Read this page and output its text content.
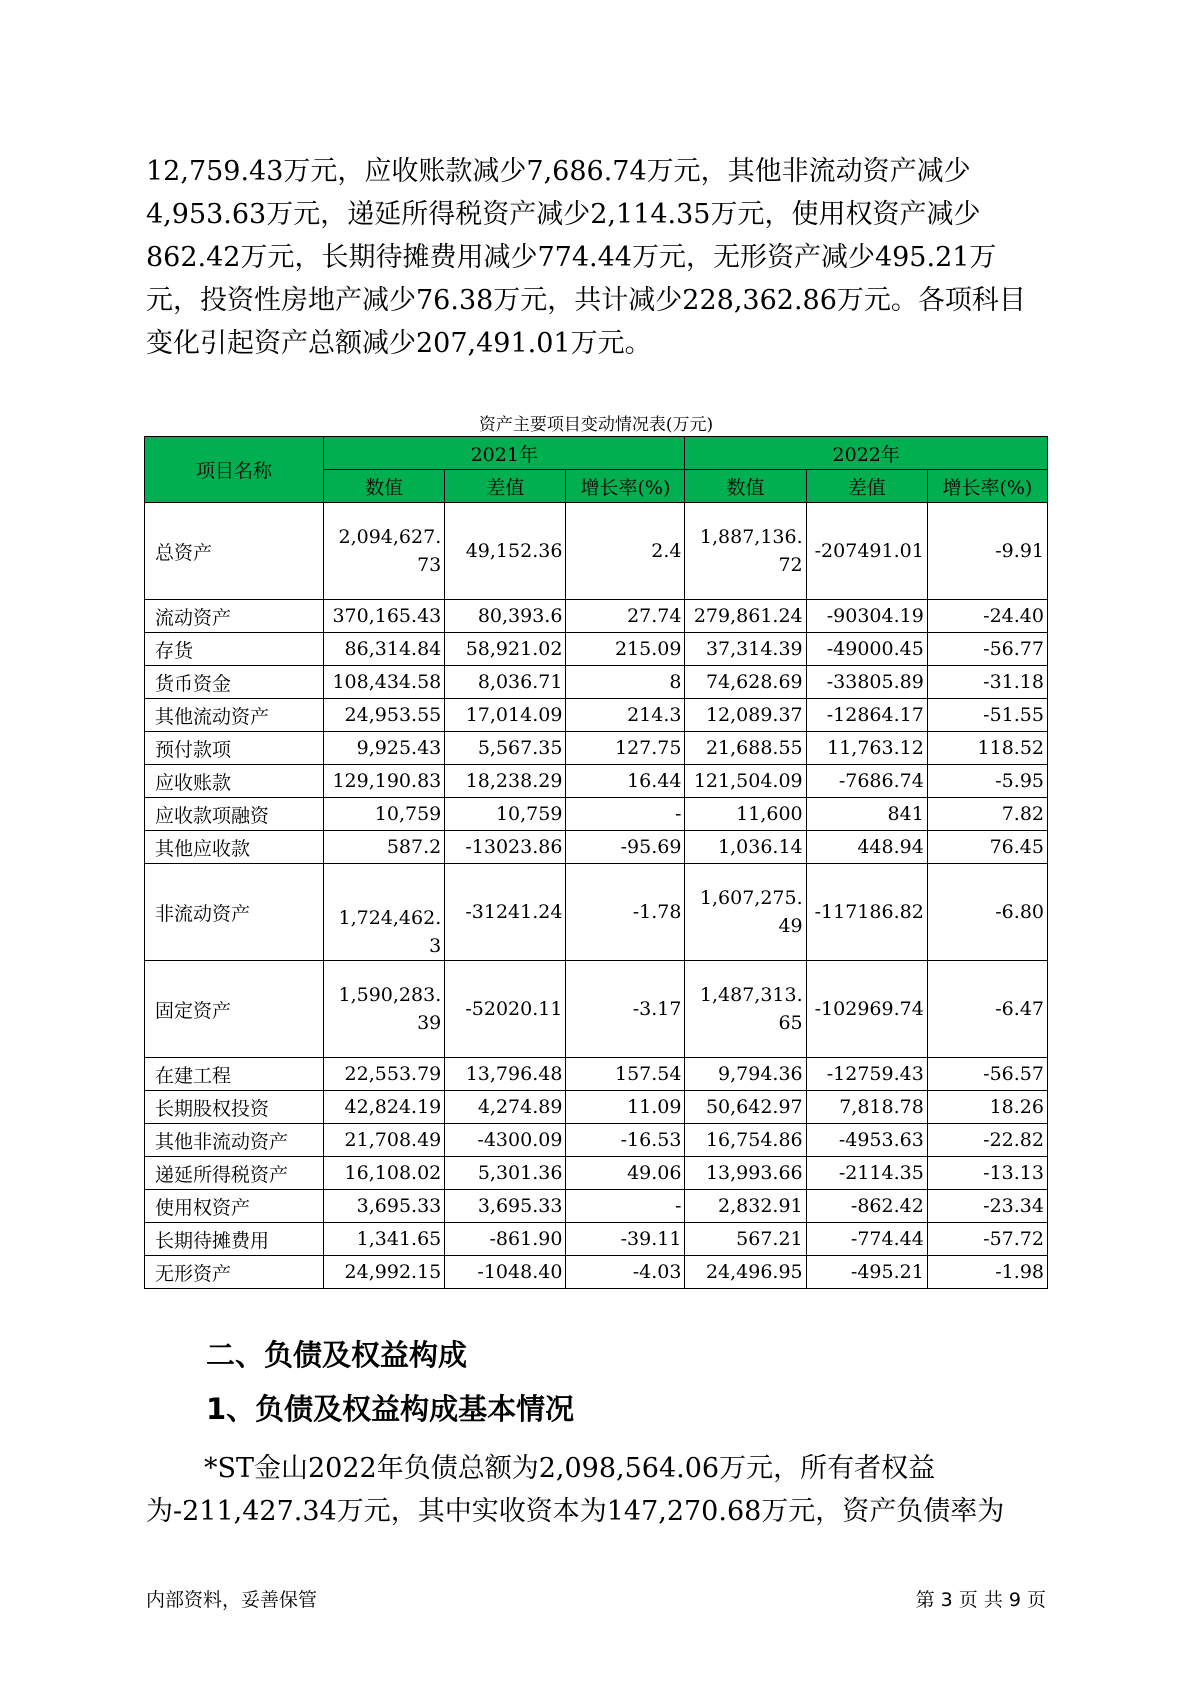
12,759.43万元，应收账款减少7,686.74万元，其他非流动资产减少4,953.63万元，递延所得税资产减少2,114.35万元，使用权资产减少862.42万元，长期待摊费用减少774.44万元，无形资产减少495.21万元，投资性房地产减少76.38万元，共计减少228,362.86万元。各项科目变化引起资产总额减少207,491.01万元。

资产主要项目变动情况表(万元)
项目名称	2021年			2022年		
	数值	差值	增长率(%)	数值	差值	增长率(%)
总资产	2,094,627.73	49,152.36	2.4	1,887,136.72	-207491.01	-9.91
流动资产	370,165.43	80,393.6	27.74	279,861.24	-90304.19	-24.40
存货	86,314.84	58,921.02	215.09	37,314.39	-49000.45	-56.77
货币资金	108,434.58	8,036.71	8	74,628.69	-33805.89	-31.18
其他流动资产	24,953.55	17,014.09	214.3	12,089.37	-12864.17	-51.55
预付款项	9,925.43	5,567.35	127.75	21,688.55	11,763.12	118.52
应收账款	129,190.83	18,238.29	16.44	121,504.09	-7686.74	-5.95
应收款项融资	10,759	10,759	-	11,600	841	7.82
其他应收款	587.2	-13023.86	-95.69	1,036.14	448.94	76.45
非流动资产	1,724,462.3	-31241.24	-1.78	1,607,275.49	-117186.82	-6.80
固定资产	1,590,283.39	-52020.11	-3.17	1,487,313.65	-102969.74	-6.47
在建工程	22,553.79	13,796.48	157.54	9,794.36	-12759.43	-56.57
长期股权投资	42,824.19	4,274.89	11.09	50,642.97	7,818.78	18.26
其他非流动资产	21,708.49	-4300.09	-16.53	16,754.86	-4953.63	-22.82
递延所得税资产	16,108.02	5,301.36	49.06	13,993.66	-2114.35	-13.13
使用权资产	3,695.33	3,695.33	-	2,832.91	-862.42	-23.34
长期待摊费用	1,341.65	-861.90	-39.11	567.21	-774.44	-57.72
无形资产	24,992.15	-1048.40	-4.03	24,496.95	-495.21	-1.98
二、负债及权益构成
1、负债及权益构成基本情况

*ST金山2022年负债总额为2,098,564.06万元，所有者权益为-211,427.34万元，其中实收资本为147,270.68万元，资产负债率为

内部资料，妥善保管	第 3 页 共 9 页
